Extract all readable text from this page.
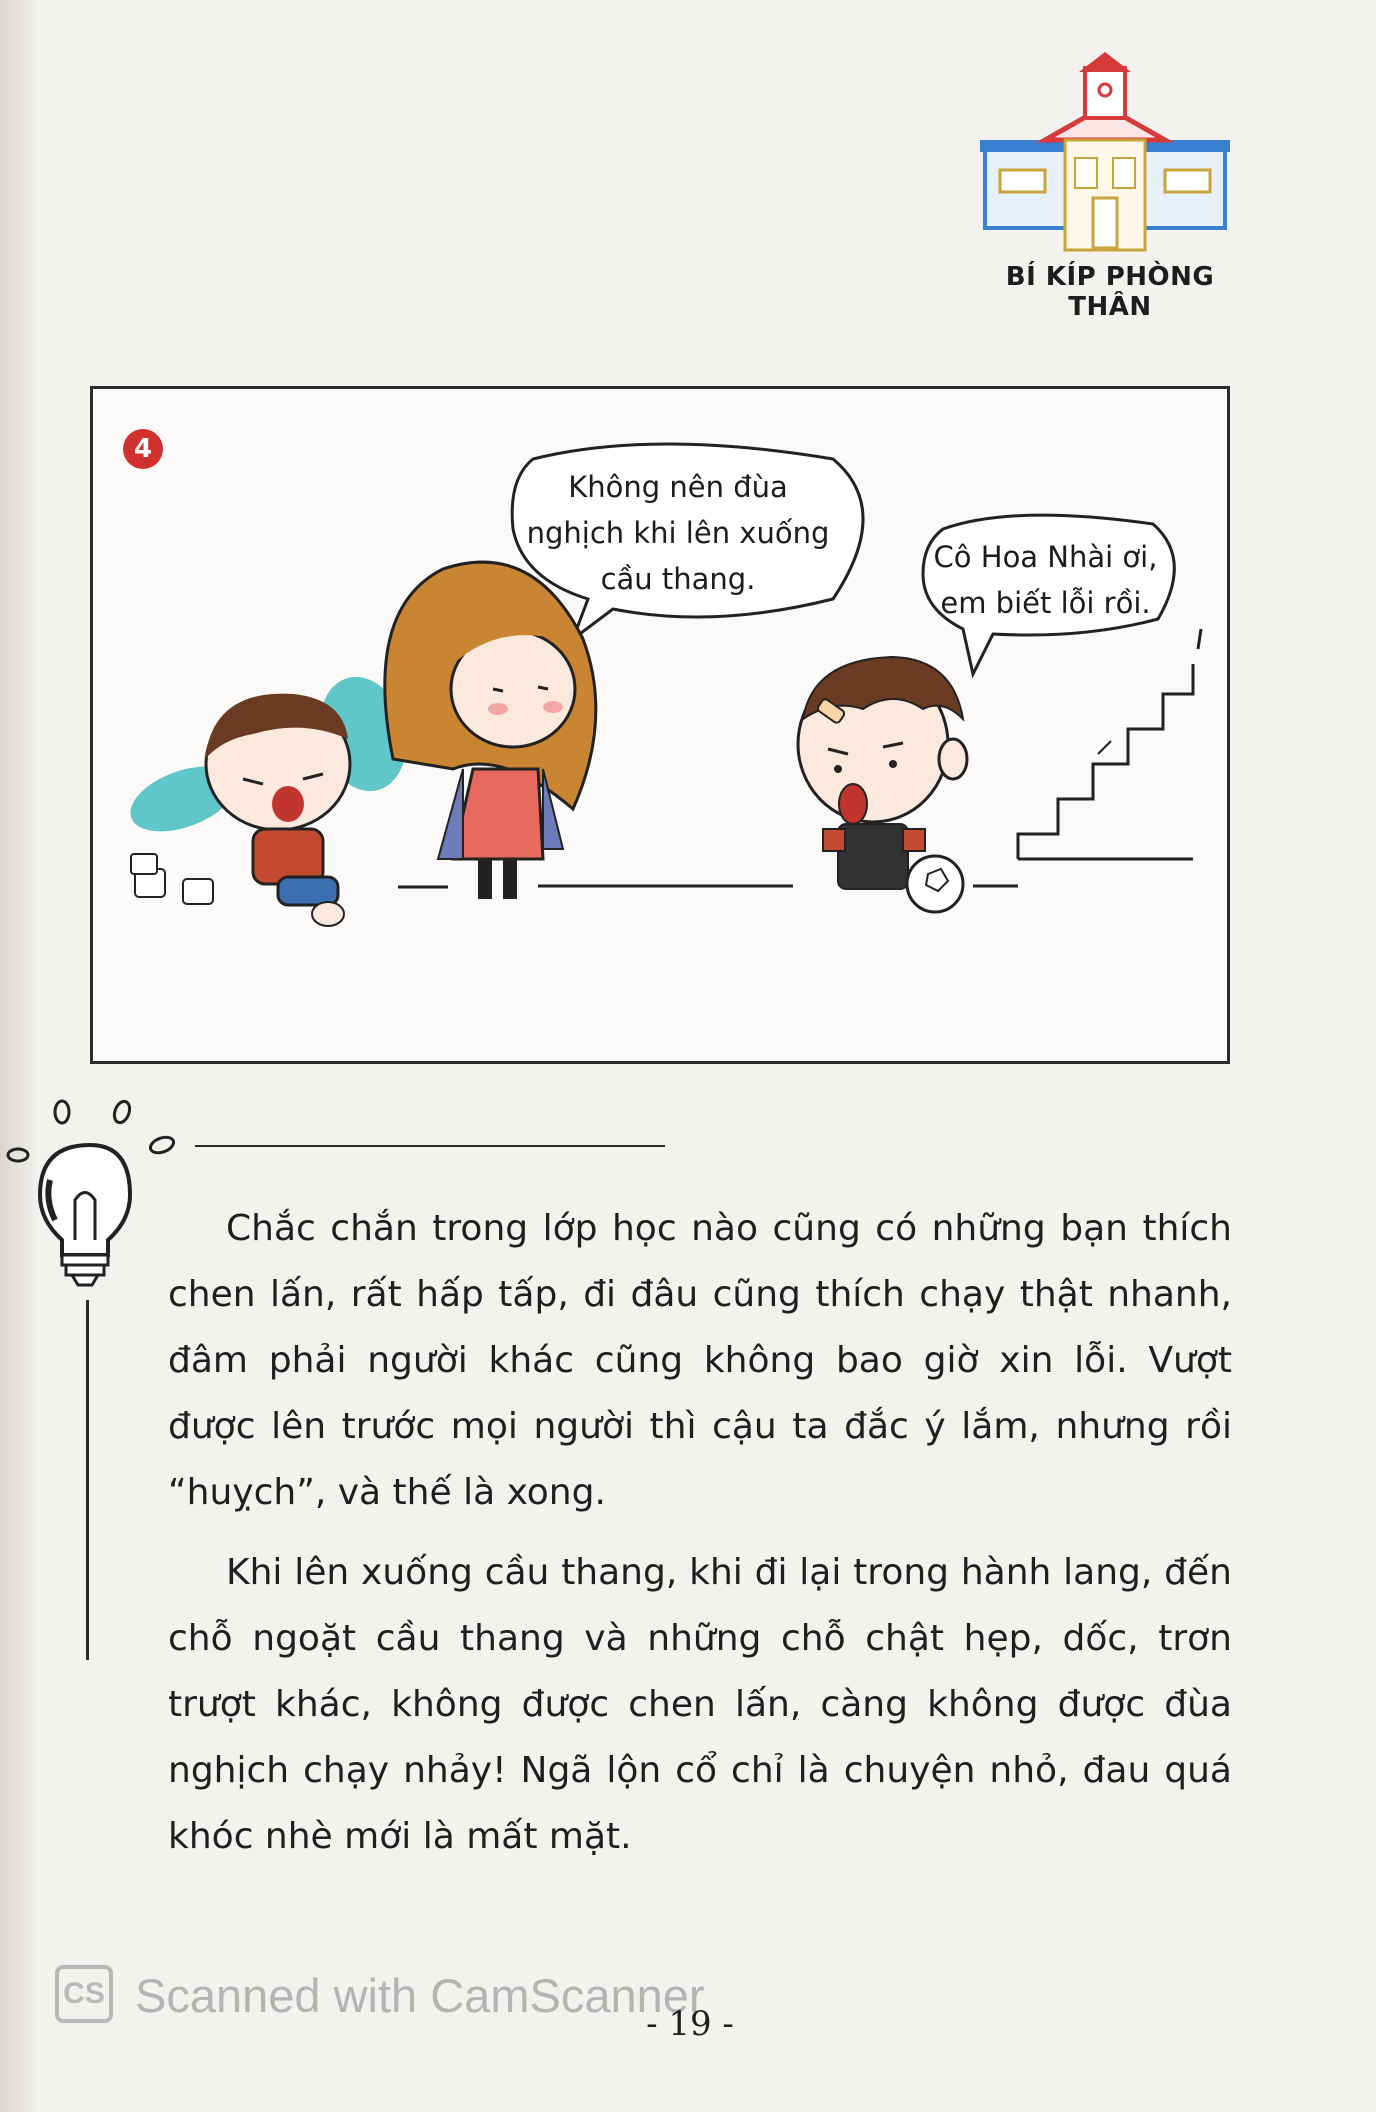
BÍ KÍP PHÒNG THÂN
4
Không nên đùa
nghịch khi lên xuống
cầu thang.
Cô Hoa Nhài ơi,
em biết lỗi rồi.

Chắc chắn trong lớp học nào cũng có những bạn thích chen lấn, rất hấp tấp, đi đâu cũng thích chạy thật nhanh, đâm phải người khác cũng không bao giờ xin lỗi. Vượt được lên trước mọi người thì cậu ta đắc ý lắm, nhưng rồi “huỵch”, và thế là xong.

Khi lên xuống cầu thang, khi đi lại trong hành lang, đến chỗ ngoặt cầu thang và những chỗ chật hẹp, dốc, trơn trượt khác, không được chen lấn, càng không được đùa nghịch chạy nhảy! Ngã lộn cổ chỉ là chuyện nhỏ, đau quá khóc nhè mới là mất mặt.

CS Scanned with CamScanner
- 19 -
